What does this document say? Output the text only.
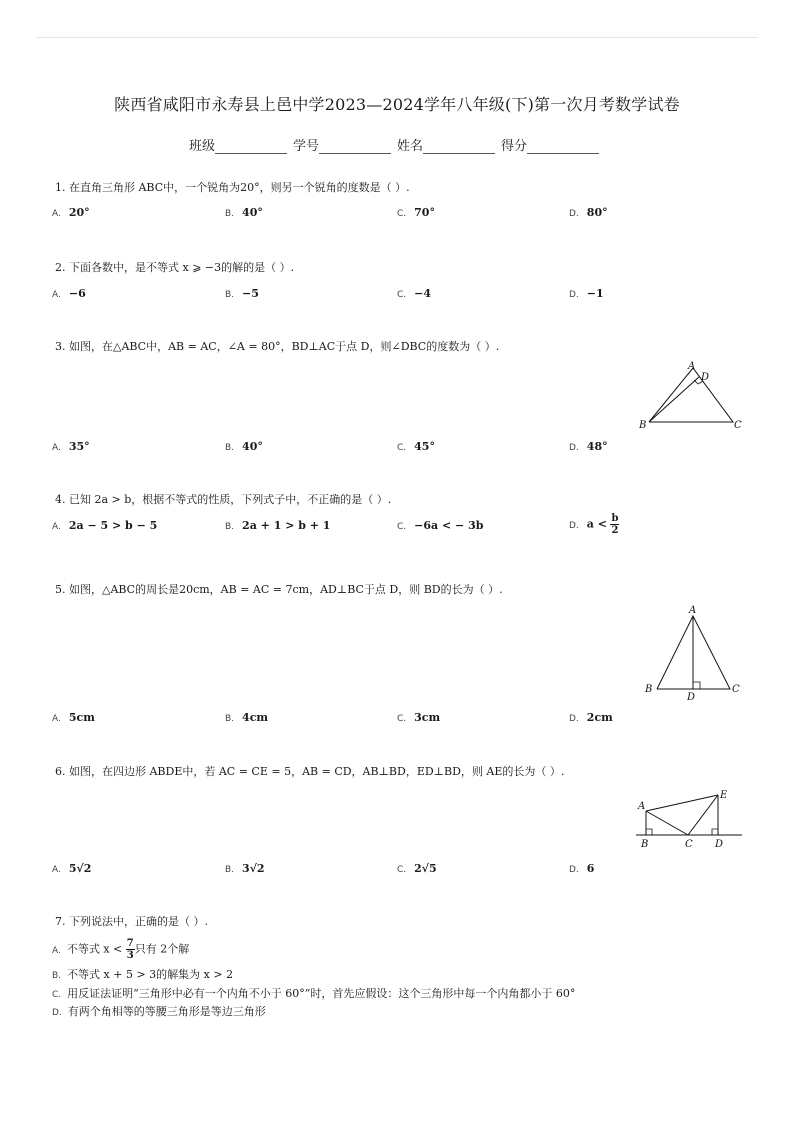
陕西省咸阳市永寿县上邑中学2023—2024学年八年级(下)第一次月考数学试卷
班级	学号	姓名	得分
1. 在直角三角形 ABC中，一个锐角为20°，则另一个锐角的度数是（ ）.
A. 20°	B. 40°	C. 70°	D. 80°
2. 下面各数中，是不等式 x ⩾ −3的解的是（ ）.
A. −6	B. −5	C. −4	D. −1
3. 如图，在△ABC中，AB = AC，∠A = 80°，BD⊥AC于点 D，则∠DBC的度数为（ ）.
A
D
B	C
A. 35°	B. 40°	C. 45°	D. 48°
4. 已知 2a > b，根据不等式的性质，下列式子中，不正确的是（ ）.
A. 2a − 5 > b − 5	B. 2a + 1 > b + 1	C. −6a < − 3b	D. $a < \frac{b}{2}$
5. 如图，△ABC的周长是20cm，AB = AC = 7cm，AD⊥BC于点 D，则 BD的长为（ ）.
A
B	C
D
A. 5cm	B. 4cm	C. 3cm	D. 2cm
6. 如图，在四边形 ABDE中，若 AC = CE = 5，AB = CD，AB⊥BD，ED⊥BD，则 AE的长为（ ）.
A
E
B	C D
A. 5√2	B. 3√2	C. 2√5	D. 6
7. 下列说法中，正确的是（ ）.
A. 不等式 $x < \frac{7}{3}$ 只有 2个解
B. 不等式 x + 5 > 3的解集为 x > 2
C. 用反证法证明“三角形中必有一个内角不小于 60°”时，首先应假设：这个三角形中每一个内角都小于 60°
D. 有两个角相等的等腰三角形是等边三角形
